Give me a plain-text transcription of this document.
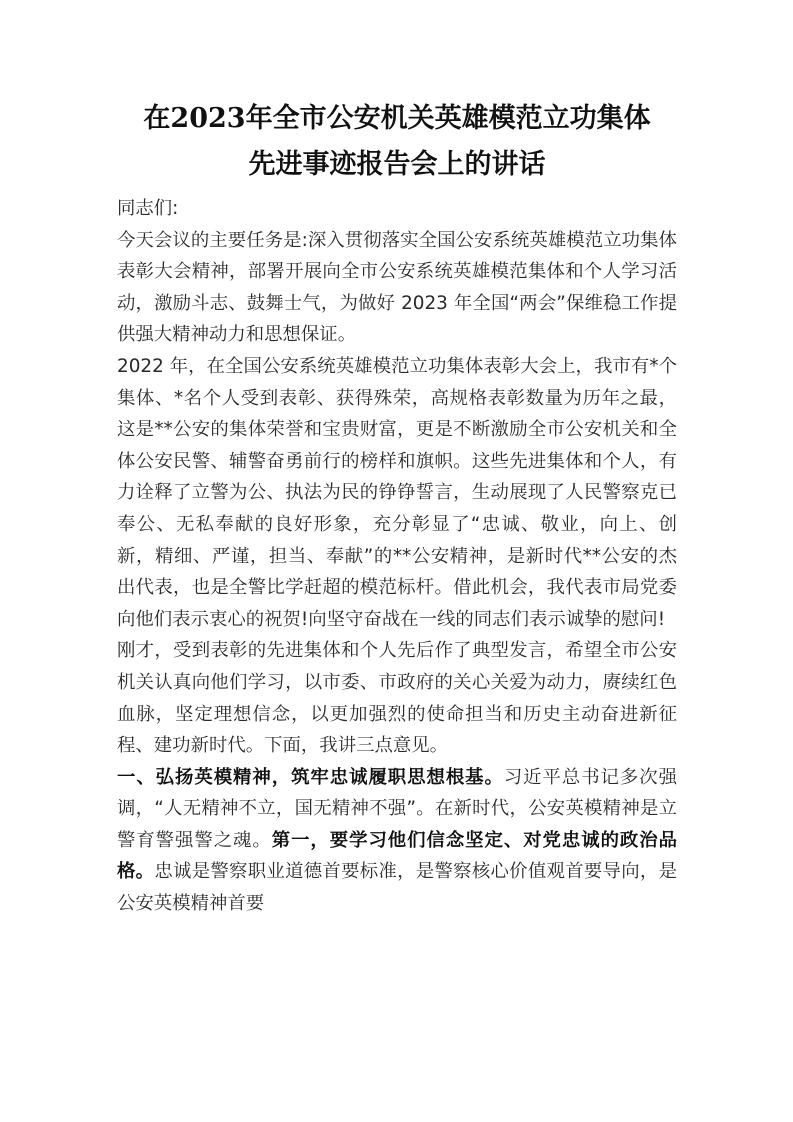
在2023年全市公安机关英雄模范立功集体
先进事迹报告会上的讲话

同志们:

今天会议的主要任务是:深入贯彻落实全国公安系统英雄模范立功集体表彰大会精神，部署开展向全市公安系统英雄模范集体和个人学习活动，激励斗志、鼓舞士气，为做好 2023 年全国“两会”保维稳工作提供强大精神动力和思想保证。

2022 年，在全国公安系统英雄模范立功集体表彰大会上，我市有*个集体、*名个人受到表彰、获得殊荣，高规格表彰数量为历年之最，这是**公安的集体荣誉和宝贵财富，更是不断激励全市公安机关和全体公安民警、辅警奋勇前行的榜样和旗帜。这些先进集体和个人，有力诠释了立警为公、执法为民的铮铮誓言，生动展现了人民警察克已奉公、无私奉献的良好形象，充分彰显了“忠诚、敬业，向上、创新，精细、严谨，担当、奉献”的**公安精神，是新时代**公安的杰出代表，也是全警比学赶超的模范标杆。借此机会，我代表市局党委向他们表示衷心的祝贺!向坚守奋战在一线的同志们表示诚挚的慰问!

刚才，受到表彰的先进集体和个人先后作了典型发言，希望全市公安机关认真向他们学习，以市委、市政府的关心关爱为动力，赓续红色血脉，坚定理想信念，以更加强烈的使命担当和历史主动奋进新征程、建功新时代。下面，我讲三点意见。

一、弘扬英模精神，筑牢忠诚履职思想根基。习近平总书记多次强调，“人无精神不立，国无精神不强”。在新时代，公安英模精神是立警育警强警之魂。第一，要学习他们信念坚定、对党忠诚的政治品格。忠诚是警察职业道德首要标准，是警察核心价值观首要导向，是公安英模精神首要
